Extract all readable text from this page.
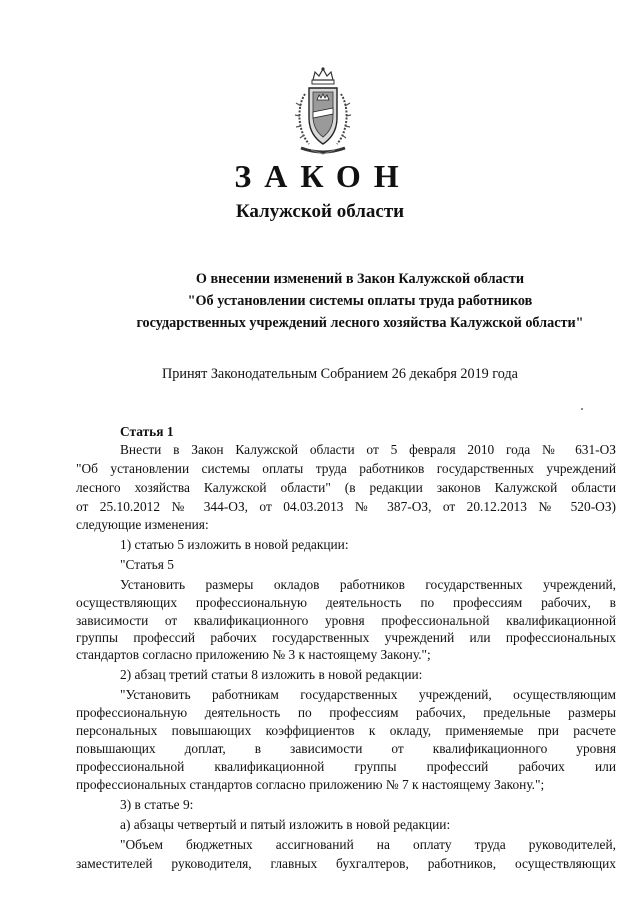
ЗАКОН
Калужской области
О внесении изменений в Закон Калужской области
"Об установлении системы оплаты труда работников
государственных учреждений лесного хозяйства Калужской области"
Принят Законодательным Собранием 26 декабря 2019 года
Статья 1
Внести в Закон Калужской области от 5 февраля 2010 года № 631-ОЗ
"Об установлении системы оплаты труда работников государственных учреждений
лесного хозяйства Калужской области" (в редакции законов Калужской области
от 25.10.2012 № 344-ОЗ, от 04.03.2013 № 387-ОЗ, от 20.12.2013 № 520-ОЗ)
следующие изменения:
1) статью 5 изложить в новой редакции:
"Статья 5
Установить размеры окладов работников государственных учреждений,
осуществляющих профессиональную деятельность по профессиям рабочих, в
зависимости от квалификационного уровня профессиональной квалификационной
группы профессий рабочих государственных учреждений или профессиональных
стандартов согласно приложению № 3 к настоящему Закону.";
2) абзац третий статьи 8 изложить в новой редакции:
"Установить работникам государственных учреждений, осуществляющим
профессиональную деятельность по профессиям рабочих, предельные размеры
персональных повышающих коэффициентов к окладу, применяемые при расчете
повышающих доплат, в зависимости от квалификационного уровня
профессиональной квалификационной группы профессий рабочих или
профессиональных стандартов согласно приложению № 7 к настоящему Закону.";
3) в статье 9:
а) абзацы четвертый и пятый изложить в новой редакции:
"Объем бюджетных ассигнований на оплату труда руководителей,
заместителей руководителя, главных бухгалтеров, работников, осуществляющих
